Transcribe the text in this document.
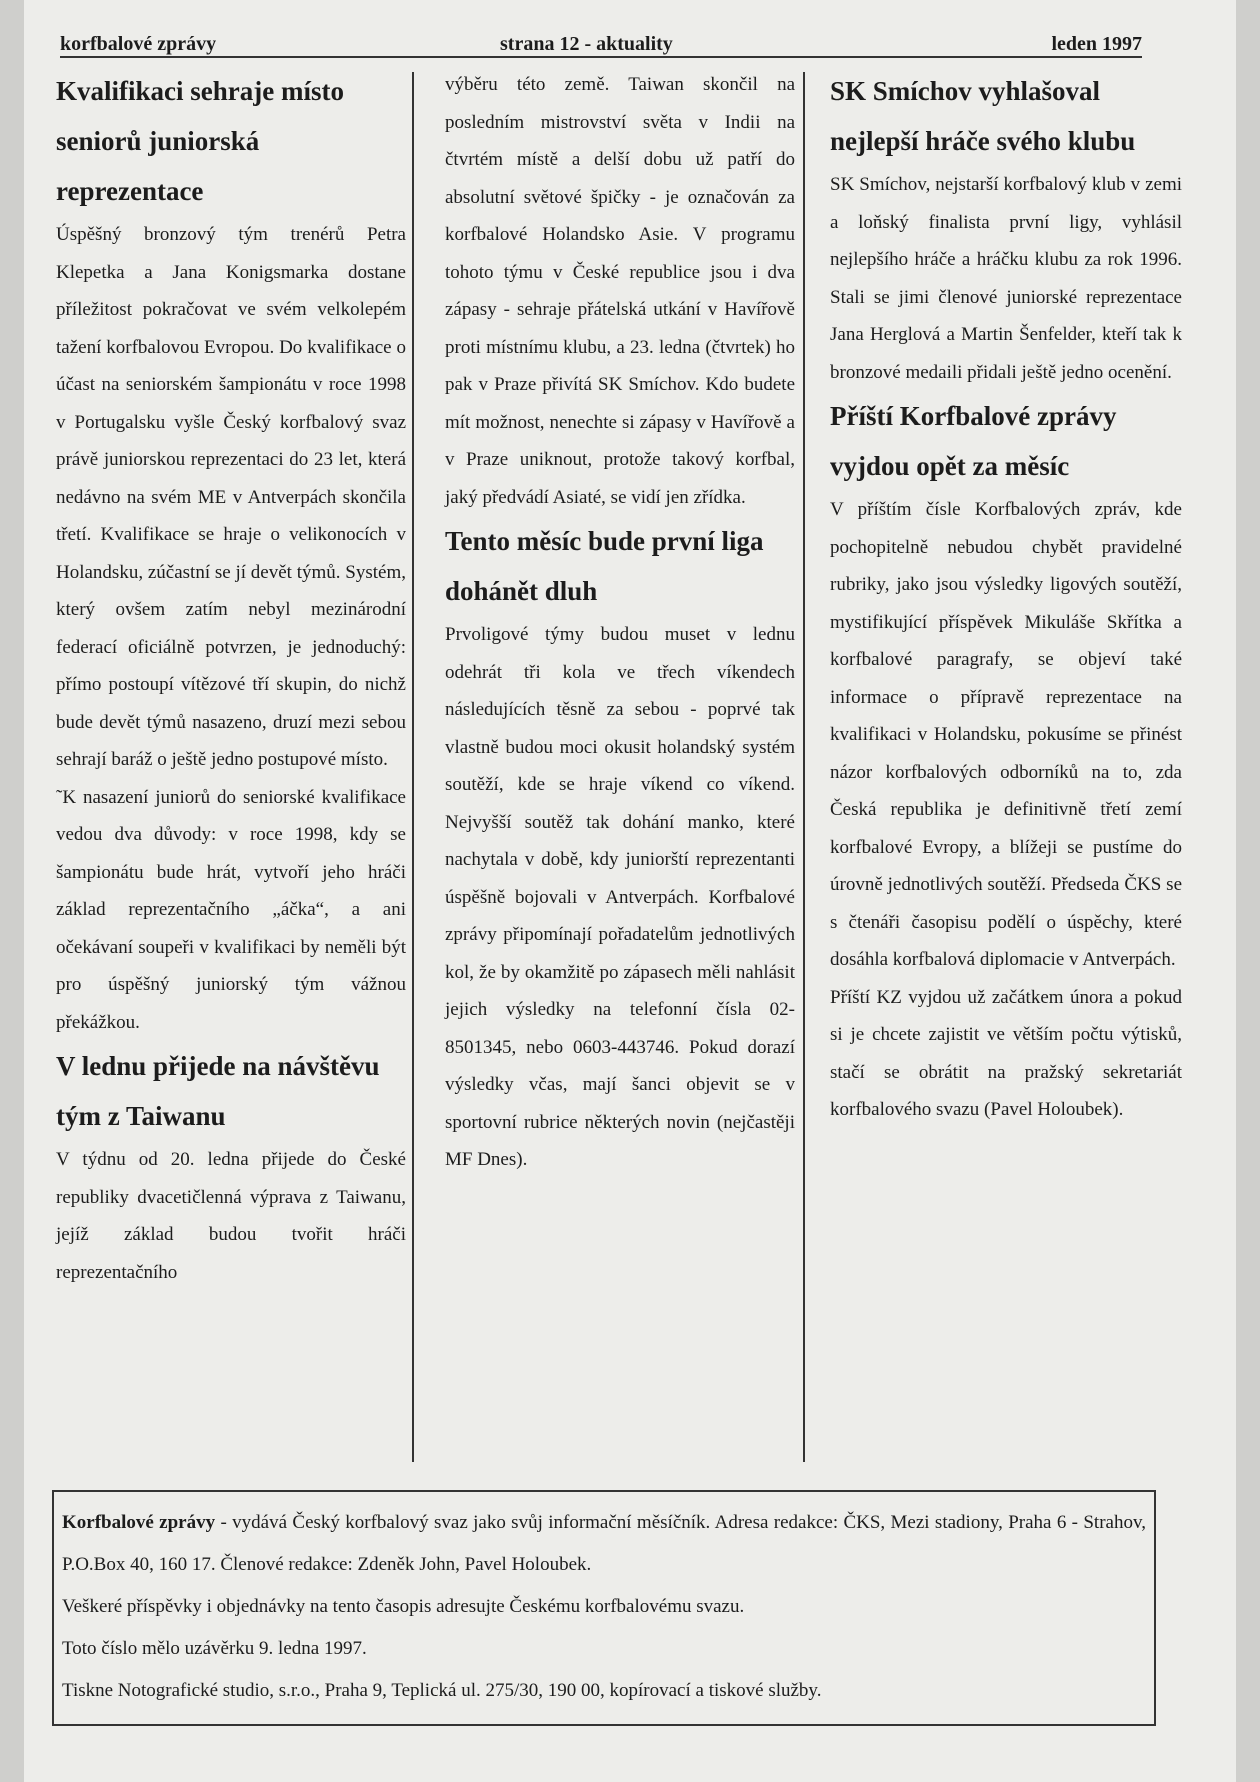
korfbalové zprávy	strana 12 - aktuality	leden 1997
Kvalifikaci sehraje místo seniorů juniorská reprezentace

Úspěšný bronzový tým trenérů Petra Klepetka a Jana Konigsmarka dostane příležitost pokračovat ve svém velkolepém tažení korfbalovou Evropou. Do kvalifikace o účast na seniorském šampionátu v roce 1998 v Portugalsku vyšle Český korfbalový svaz právě juniorskou reprezentaci do 23 let, která nedávno na svém ME v Antverpách skončila třetí. Kvalifikace se hraje o velikonocích v Holandsku, zúčastní se jí devět týmů. Systém, který ovšem zatím nebyl mezinárodní federací oficiálně potvrzen, je jednoduchý: přímo postoupí vítězové tří skupin, do nichž bude devět týmů nasazeno, druzí mezi sebou sehrají baráž o ještě jedno postupové místo.

˜K nasazení juniorů do seniorské kvalifikace vedou dva důvody: v roce 1998, kdy se šampionátu bude hrát, vytvoří jeho hráči základ reprezentačního „áčka“, a ani očekávaní soupeři v kvalifikaci by neměli být pro úspěšný juniorský tým vážnou překážkou.

V lednu přijede na návštěvu tým z Taiwanu

V týdnu od 20. ledna přijede do České republiky dvacetičlenná výprava z Taiwanu, jejíž základ budou tvořit hráči reprezentačního

výběru této země. Taiwan skončil na posledním mistrovství světa v Indii na čtvrtém místě a delší dobu už patří do absolutní světové špičky - je označován za korfbalové Holandsko Asie. V programu tohoto týmu v České republice jsou i dva zápasy - sehraje přátelská utkání v Havířově proti místnímu klubu, a 23. ledna (čtvrtek) ho pak v Praze přivítá SK Smíchov. Kdo budete mít možnost, nenechte si zápasy v Havířově a v Praze uniknout, protože takový korfbal, jaký předvádí Asiaté, se vidí jen zřídka.

Tento měsíc bude první liga dohánět dluh

Prvoligové týmy budou muset v lednu odehrát tři kola ve třech víkendech následujících těsně za sebou - poprvé tak vlastně budou moci okusit holandský systém soutěží, kde se hraje víkend co víkend. Nejvyšší soutěž tak dohání manko, které nachytala v době, kdy juniorští reprezentanti úspěšně bojovali v Antverpách. Korfbalové zprávy připomínají pořadatelům jednotlivých kol, že by okamžitě po zápasech měli nahlásit jejich výsledky na telefonní čísla 02-8501345, nebo 0603-443746. Pokud dorazí výsledky včas, mají šanci objevit se v sportovní rubrice některých novin (nejčastěji MF Dnes).

SK Smíchov vyhlašoval nejlepší hráče svého klubu

SK Smíchov, nejstarší korfbalový klub v zemi a loňský finalista první ligy, vyhlásil nejlepšího hráče a hráčku klubu za rok 1996. Stali se jimi členové juniorské reprezentace Jana Herglová a Martin Šenfelder, kteří tak k bronzové medaili přidali ještě jedno ocenění.

Příští Korfbalové zprávy vyjdou opět za měsíc

V příštím čísle Korfbalových zpráv, kde pochopitelně nebudou chybět pravidelné rubriky, jako jsou výsledky ligových soutěží, mystifikující příspěvek Mikuláše Skřítka a korfbalové paragrafy, se objeví také informace o přípravě reprezentace na kvalifikaci v Holandsku, pokusíme se přinést názor korfbalových odborníků na to, zda Česká republika je definitivně třetí zemí korfbalové Evropy, a blížeji se pustíme do úrovně jednotlivých soutěží. Předseda ČKS se s čtenáři časopisu podělí o úspěchy, které dosáhla korfbalová diplomacie v Antverpách.

Příští KZ vyjdou už začátkem února a pokud si je chcete zajistit ve větším počtu výtisků, stačí se obrátit na pražský sekretariát korfbalového svazu (Pavel Holoubek).

Korfbalové zprávy - vydává Český korfbalový svaz jako svůj informační měsíčník. Adresa redakce: ČKS, Mezi stadiony, Praha 6 - Strahov, P.O.Box 40, 160 17. Členové redakce: Zdeněk John, Pavel Holoubek.

Veškeré příspěvky i objednávky na tento časopis adresujte Českému korfbalovému svazu.

Toto číslo mělo uzávěrku 9. ledna 1997.

Tiskne Notografické studio, s.r.o., Praha 9, Teplická ul. 275/30, 190 00, kopírovací a tiskové služby.
